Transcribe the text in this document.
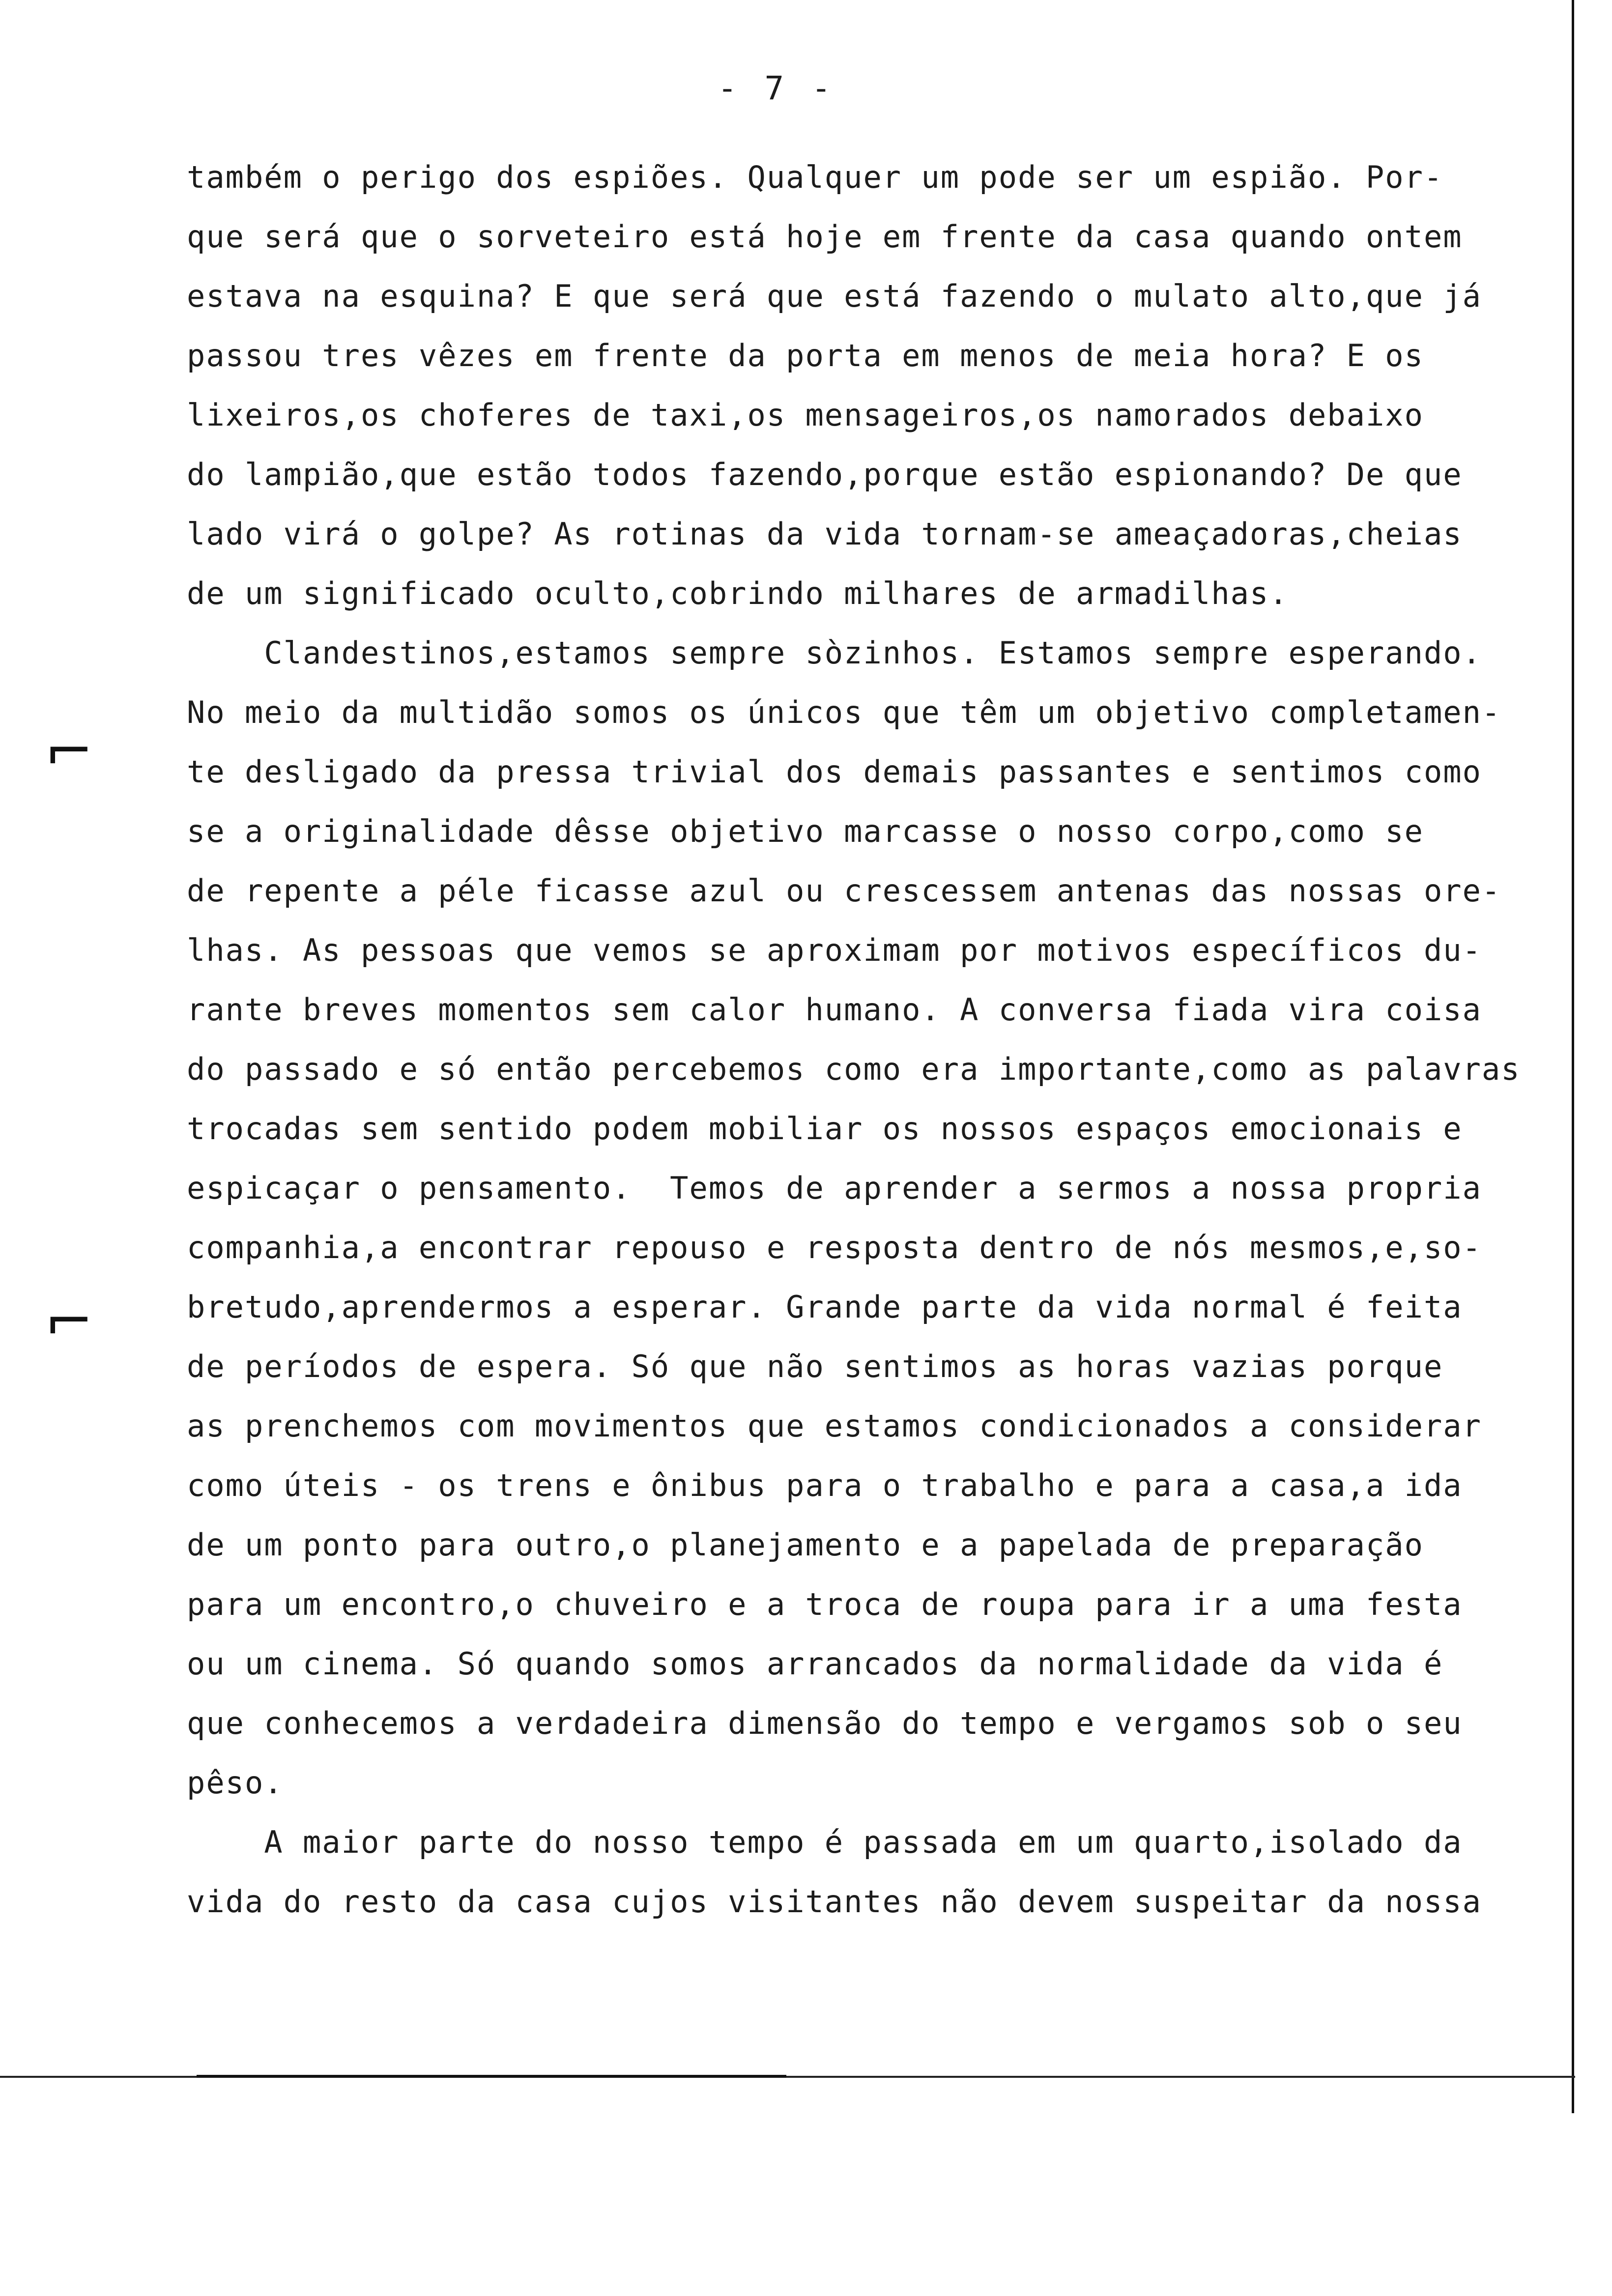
- 7 -
também o perigo dos espiões. Qualquer um pode ser um espião. Por-
que será que o sorveteiro está hoje em frente da casa quando ontem
estava na esquina? E que será que está fazendo o mulato alto,que já
passou tres vêzes em frente da porta em menos de meia hora? E os
lixeiros,os choferes de taxi,os mensageiros,os namorados debaixo
do lampião,que estão todos fazendo,porque estão espionando? De que
lado virá o golpe? As rotinas da vida tornam-se ameaçadoras,cheias
de um significado oculto,cobrindo milhares de armadilhas.
Clandestinos,estamos sempre sòzinhos. Estamos sempre esperando.
No meio da multidão somos os únicos que têm um objetivo completamen-
te desligado da pressa trivial dos demais passantes e sentimos como
se a originalidade dêsse objetivo marcasse o nosso corpo,como se
de repente a péle ficasse azul ou crescessem antenas das nossas ore-
lhas. As pessoas que vemos se aproximam por motivos específicos du-
rante breves momentos sem calor humano. A conversa fiada vira coisa
do passado e só então percebemos como era importante,como as palavras
trocadas sem sentido podem mobiliar os nossos espaços emocionais e
espicaçar o pensamento.  Temos de aprender a sermos a nossa propria
companhia,a encontrar repouso e resposta dentro de nós mesmos,e,so-
bretudo,aprendermos a esperar. Grande parte da vida normal é feita
de períodos de espera. Só que não sentimos as horas vazias porque
as prenchemos com movimentos que estamos condicionados a considerar
como úteis - os trens e ônibus para o trabalho e para a casa,a ida
de um ponto para outro,o planejamento e a papelada de preparação
para um encontro,o chuveiro e a troca de roupa para ir a uma festa
ou um cinema. Só quando somos arrancados da normalidade da vida é
que conhecemos a verdadeira dimensão do tempo e vergamos sob o seu
pêso.
A maior parte do nosso tempo é passada em um quarto,isolado da
vida do resto da casa cujos visitantes não devem suspeitar da nossa
⌐
⌐
